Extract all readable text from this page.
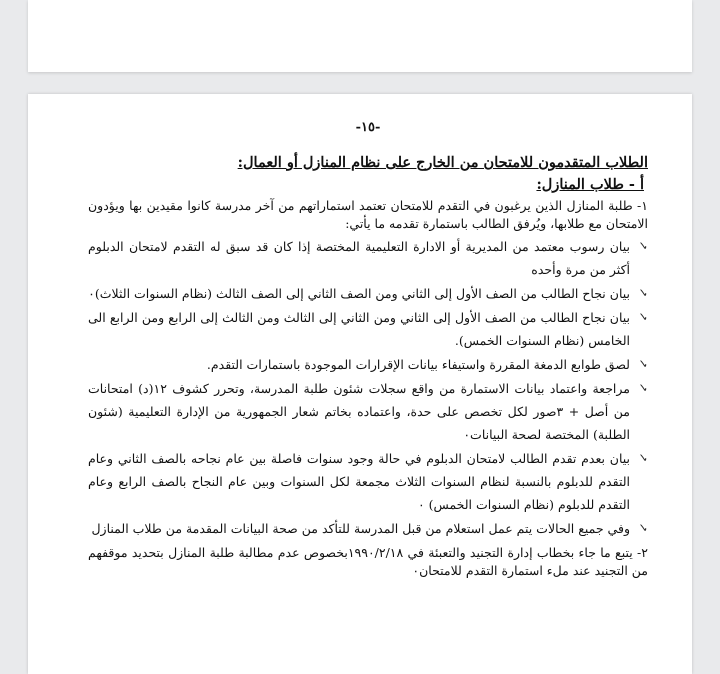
-١٥-

الطلاب المتقدمون للامتحان من الخارج على نظام المنازل أو العمال:

أ - طلاب المنازل:

١- طلبة المنازل الذين يرغبون في التقدم للامتحان تعتمد استماراتهم من آخر مدرسة كانوا مقيدين بها ويؤدون الامتحان مع طلابها، ويُرفق الطالب باستمارة تقدمه ما يأتي:

✓
بيان رسوب معتمد من المديرية أو الادارة التعليمية المختصة إذا كان قد سبق له التقدم لامتحان الدبلوم أكثر من مرة وأحده
✓
بيان نجاح الطالب من الصف الأول إلى الثاني ومن الصف الثاني إلى الصف الثالث (نظام السنوات الثلاث)٠
✓
بيان نجاح الطالب من الصف الأول إلى الثاني ومن الثاني إلى الثالث ومن الثالث إلى الرابع ومن الرابع الى الخامس (نظام السنوات الخمس).
✓
لصق طوابع الدمغة المقررة واستيفاء بيانات الإقرارات الموجودة باستمارات التقدم.
✓
مراجعة واعتماد بيانات الاستمارة من واقع سجلات شئون طلبة المدرسة، وتحرر كشوف ١٢(د) امتحانات من أصل + ٣صور لكل تخصص على حدة، واعتماده بخاتم شعار الجمهورية من الإدارة التعليمية (شئون الطلبة) المختصة لصحة البيانات٠
✓
بيان بعدم تقدم الطالب لامتحان الدبلوم في حالة وجود سنوات فاصلة بين عام نجاحه بالصف الثاني وعام التقدم للدبلوم بالنسبة لنظام السنوات الثلاث مجمعة لكل السنوات وبين عام النجاح بالصف الرابع وعام التقدم للدبلوم (نظام السنوات الخمس) ٠
✓
وفي جميع الحالات يتم عمل استعلام من قبل المدرسة للتأكد من صحة البيانات المقدمة من طلاب المنازل

٢- يتبع ما جاء بخطاب إدارة التجنيد والتعبئة في ١٩٩٠/٢/١٨بخصوص عدم مطالبة طلبة المنازل بتحديد موقفهم من التجنيد عند ملء استمارة التقدم للامتحان٠
